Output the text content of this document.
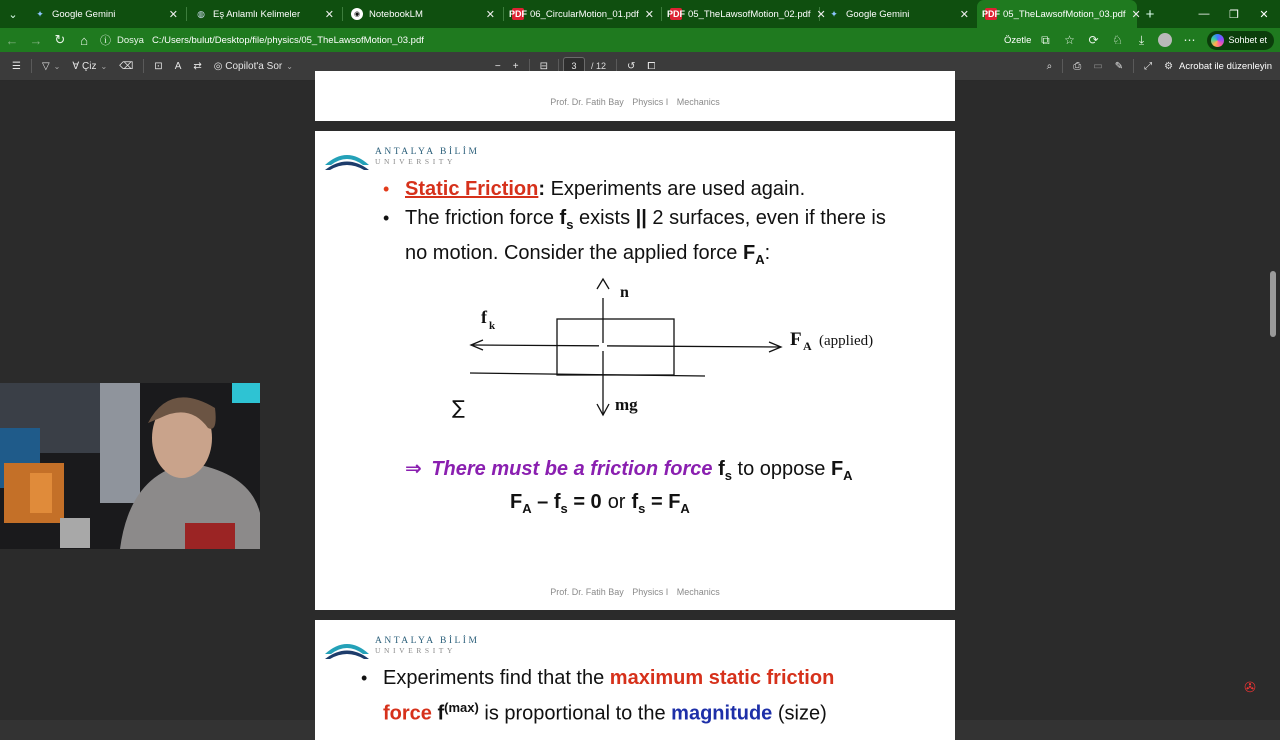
⌄	✦ Google Gemini	✕ ◍ Eş Anlamlı Kelimeler	✕	◉ NotebookLM	✕ PDF 06_CircularMotion_01.pdf ✕ PDF 05_TheLawsofMotion_02.pdf ✕ ✦ Google Gemini	✕ PDF 05_TheLawsofMotion_03.pdf ✕ +	—	❐	✕
← → ↻	⌂	ⓘ Dosya C:/Users/bulut/Desktop/file/physics/05_TheLawsofMotion_03.pdf	Özetle ⧉	☆	⟳	♘	⤓	⋯	Sohbet et
☰	▽ ⌄ ∀
Çiz ⌄	⌫	⊡	A	⇄	◎
Copilot'a Sor ⌄	−	+	⊟	3	/ 12	↺	⧠	⌕	⎙	▭	✎	⤢	⚙ Acrobat ile düzenleyin
Prof. Dr. Fatih Bay Physics I Mechanics
ANTALYA BİLİM
UNIVERSITY
• Static Friction: Experiments are used again.
• The friction force $f_s$ exists || 2 surfaces, even if there is
no motion. Consider the applied force $F_A$:
n
f k
F A (applied)
mg
∑
⇒ There must be a friction force $f_s$ to oppose $F_A$
$F_A - f_s = 0$ or $f_s = F_A$
Prof. Dr. Fatih Bay Physics I Mechanics
ANTALYA BİLİM
UNIVERSITY
• Experiments find that the maximum static friction
force $f^{(max)}$ is proportional to the magnitude (size)
✇
